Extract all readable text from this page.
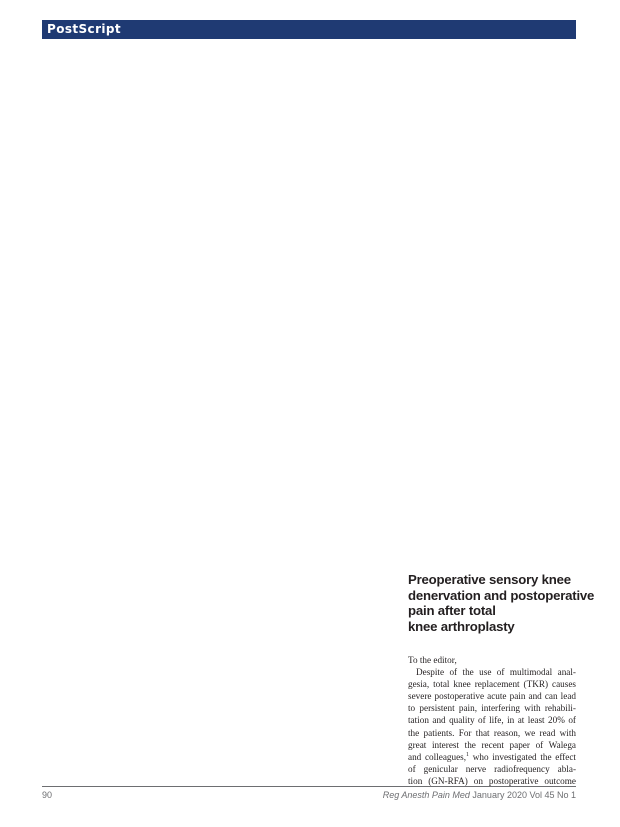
PostScript
Preoperative sensory knee
denervation and postoperative
pain after total
knee arthroplasty
To the editor,
Despite of the use of multimodal anal-
gesia, total knee replacement (TKR) causes
severe postoperative acute pain and can lead
to persistent pain, interfering with rehabili-
tation and quality of life, in at least 20% of
the patients. For that reason, we read with
great interest the recent paper of Walega
and colleagues,$^1$ who investigated the effect
of genicular nerve radiofrequency abla-
tion (GN-RFA) on postoperative outcome
90	Reg Anesth Pain Med January 2020 Vol 45 No 1
